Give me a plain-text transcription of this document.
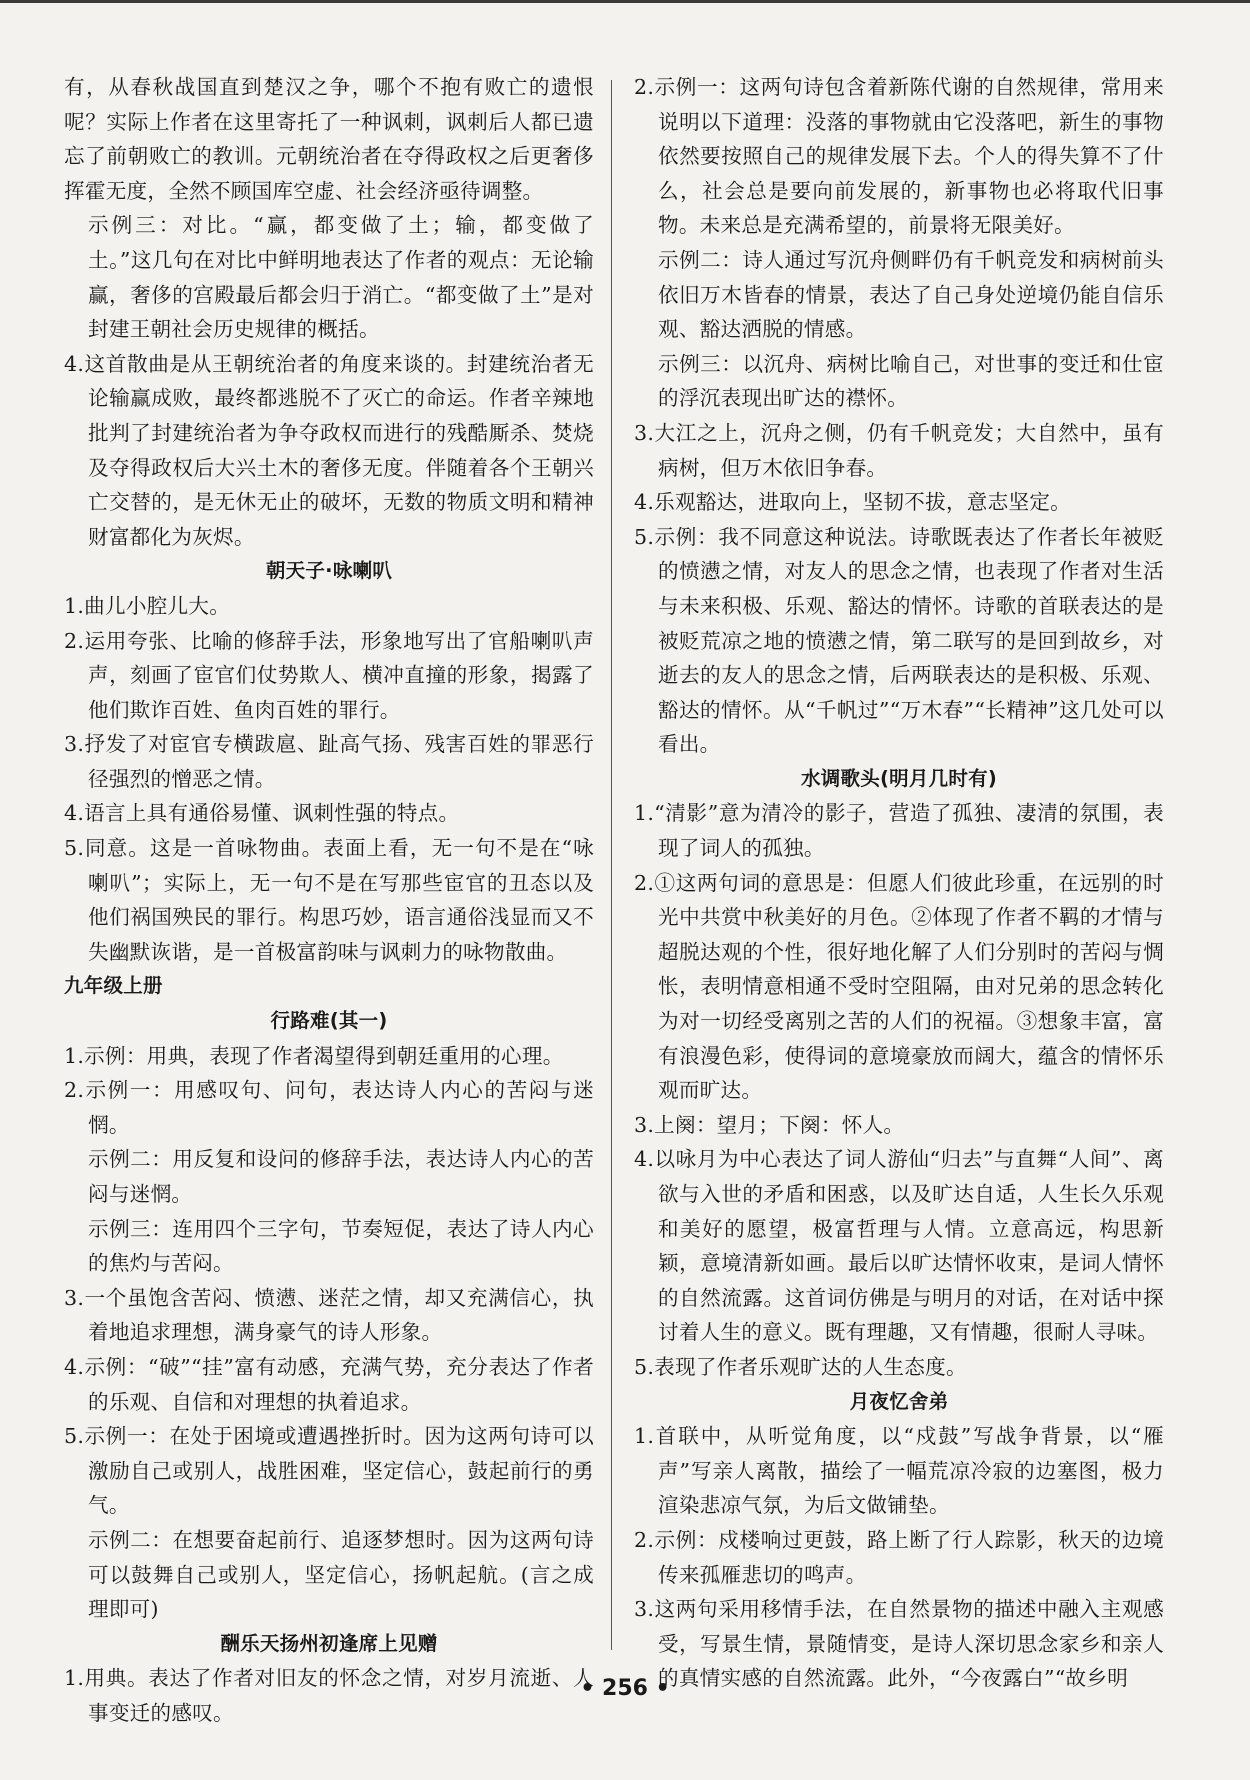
有，从春秋战国直到楚汉之争，哪个不抱有败亡的遗恨呢？实际上作者在这里寄托了一种讽刺，讽刺后人都已遗忘了前朝败亡的教训。元朝统治者在夺得政权之后更奢侈挥霍无度，全然不顾国库空虚、社会经济亟待调整。

示例三：对比。“赢，都变做了土；输，都变做了土。”这几句在对比中鲜明地表达了作者的观点：无论输赢，奢侈的宫殿最后都会归于消亡。“都变做了土”是对封建王朝社会历史规律的概括。

4.这首散曲是从王朝统治者的角度来谈的。封建统治者无论输赢成败，最终都逃脱不了灭亡的命运。作者辛辣地批判了封建统治者为争夺政权而进行的残酷厮杀、焚烧及夺得政权后大兴土木的奢侈无度。伴随着各个王朝兴亡交替的，是无休无止的破坏，无数的物质文明和精神财富都化为灰烬。

朝天子·咏喇叭

1.曲儿小腔儿大。

2.运用夸张、比喻的修辞手法，形象地写出了官船喇叭声声，刻画了宦官们仗势欺人、横冲直撞的形象，揭露了他们欺诈百姓、鱼肉百姓的罪行。

3.抒发了对宦官专横跋扈、趾高气扬、残害百姓的罪恶行径强烈的憎恶之情。

4.语言上具有通俗易懂、讽刺性强的特点。

5.同意。这是一首咏物曲。表面上看，无一句不是在“咏喇叭”；实际上，无一句不是在写那些宦官的丑态以及他们祸国殃民的罪行。构思巧妙，语言通俗浅显而又不失幽默诙谐，是一首极富韵味与讽刺力的咏物散曲。

九年级上册

行路难(其一)

1.示例：用典，表现了作者渴望得到朝廷重用的心理。

2.示例一：用感叹句、问句，表达诗人内心的苦闷与迷惘。

示例二：用反复和设问的修辞手法，表达诗人内心的苦闷与迷惘。

示例三：连用四个三字句，节奏短促，表达了诗人内心的焦灼与苦闷。

3.一个虽饱含苦闷、愤懑、迷茫之情，却又充满信心，执着地追求理想，满身豪气的诗人形象。

4.示例：“破”“挂”富有动感，充满气势，充分表达了作者的乐观、自信和对理想的执着追求。

5.示例一：在处于困境或遭遇挫折时。因为这两句诗可以激励自己或别人，战胜困难，坚定信心，鼓起前行的勇气。

示例二：在想要奋起前行、追逐梦想时。因为这两句诗可以鼓舞自己或别人，坚定信心，扬帆起航。(言之成理即可)

酬乐天扬州初逢席上见赠

1.用典。表达了作者对旧友的怀念之情，对岁月流逝、人事变迁的感叹。

2.示例一：这两句诗包含着新陈代谢的自然规律，常用来说明以下道理：没落的事物就由它没落吧，新生的事物依然要按照自己的规律发展下去。个人的得失算不了什么，社会总是要向前发展的，新事物也必将取代旧事物。未来总是充满希望的，前景将无限美好。

示例二：诗人通过写沉舟侧畔仍有千帆竞发和病树前头依旧万木皆春的情景，表达了自己身处逆境仍能自信乐观、豁达洒脱的情感。

示例三：以沉舟、病树比喻自己，对世事的变迁和仕宦的浮沉表现出旷达的襟怀。

3.大江之上，沉舟之侧，仍有千帆竞发；大自然中，虽有病树，但万木依旧争春。

4.乐观豁达，进取向上，坚韧不拔，意志坚定。

5.示例：我不同意这种说法。诗歌既表达了作者长年被贬的愤懑之情，对友人的思念之情，也表现了作者对生活与未来积极、乐观、豁达的情怀。诗歌的首联表达的是被贬荒凉之地的愤懑之情，第二联写的是回到故乡，对逝去的友人的思念之情，后两联表达的是积极、乐观、豁达的情怀。从“千帆过”“万木春”“长精神”这几处可以看出。

水调歌头(明月几时有)

1.“清影”意为清冷的影子，营造了孤独、凄清的氛围，表现了词人的孤独。

2.①这两句词的意思是：但愿人们彼此珍重，在远别的时光中共赏中秋美好的月色。②体现了作者不羁的才情与超脱达观的个性，很好地化解了人们分别时的苦闷与惆怅，表明情意相通不受时空阻隔，由对兄弟的思念转化为对一切经受离别之苦的人们的祝福。③想象丰富，富有浪漫色彩，使得词的意境豪放而阔大，蕴含的情怀乐观而旷达。

3.上阕：望月；下阕：怀人。

4.以咏月为中心表达了词人游仙“归去”与直舞“人间”、离欲与入世的矛盾和困惑，以及旷达自适，人生长久乐观和美好的愿望，极富哲理与人情。立意高远，构思新颖，意境清新如画。最后以旷达情怀收束，是词人情怀的自然流露。这首词仿佛是与明月的对话，在对话中探讨着人生的意义。既有理趣，又有情趣，很耐人寻味。

5.表现了作者乐观旷达的人生态度。

月夜忆舍弟

1.首联中，从听觉角度，以“戍鼓”写战争背景，以“雁声”写亲人离散，描绘了一幅荒凉冷寂的边塞图，极力渲染悲凉气氛，为后文做铺垫。

2.示例：戍楼响过更鼓，路上断了行人踪影，秋天的边境传来孤雁悲切的鸣声。

3.这两句采用移情手法，在自然景物的描述中融入主观感受，写景生情，景随情变，是诗人深切思念家乡和亲人的真情实感的自然流露。此外，“今夜露白”“故乡明

• 256 •
